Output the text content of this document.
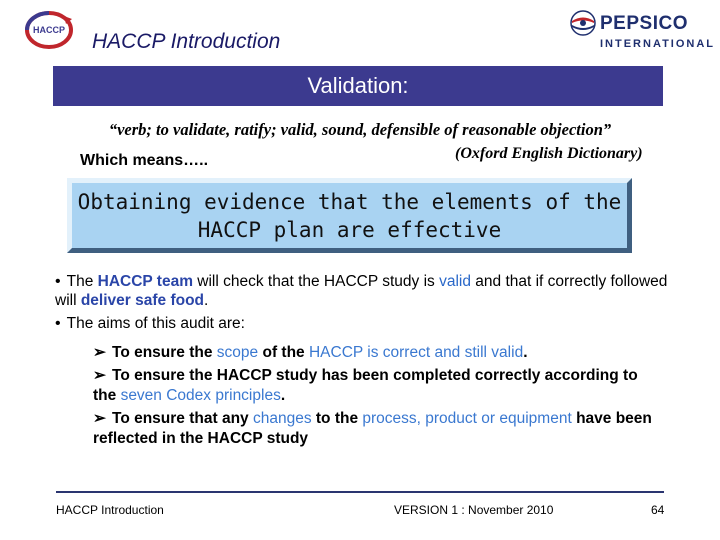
HACCP HACCP Introduction
PEPSICO
INTERNATIONAL
Validation:
“verb; to validate, ratify; valid, sound, defensible of reasonable objection”
Which means…..	(Oxford English Dictionary)
Obtaining evidence that the elements of the
HACCP plan are effective
• The HACCP team will check that the HACCP study is valid and that if correctly followed will deliver safe food.
• The aims of this audit are:
➢ To ensure the scope of the HACCP is correct and still valid.
➢ To ensure the HACCP study has been completed correctly according to the seven Codex principles.
➢ To ensure that any changes to the process, product or equipment have been reflected in the HACCP study
HACCP Introduction	VERSION 1 : November 2010	64
